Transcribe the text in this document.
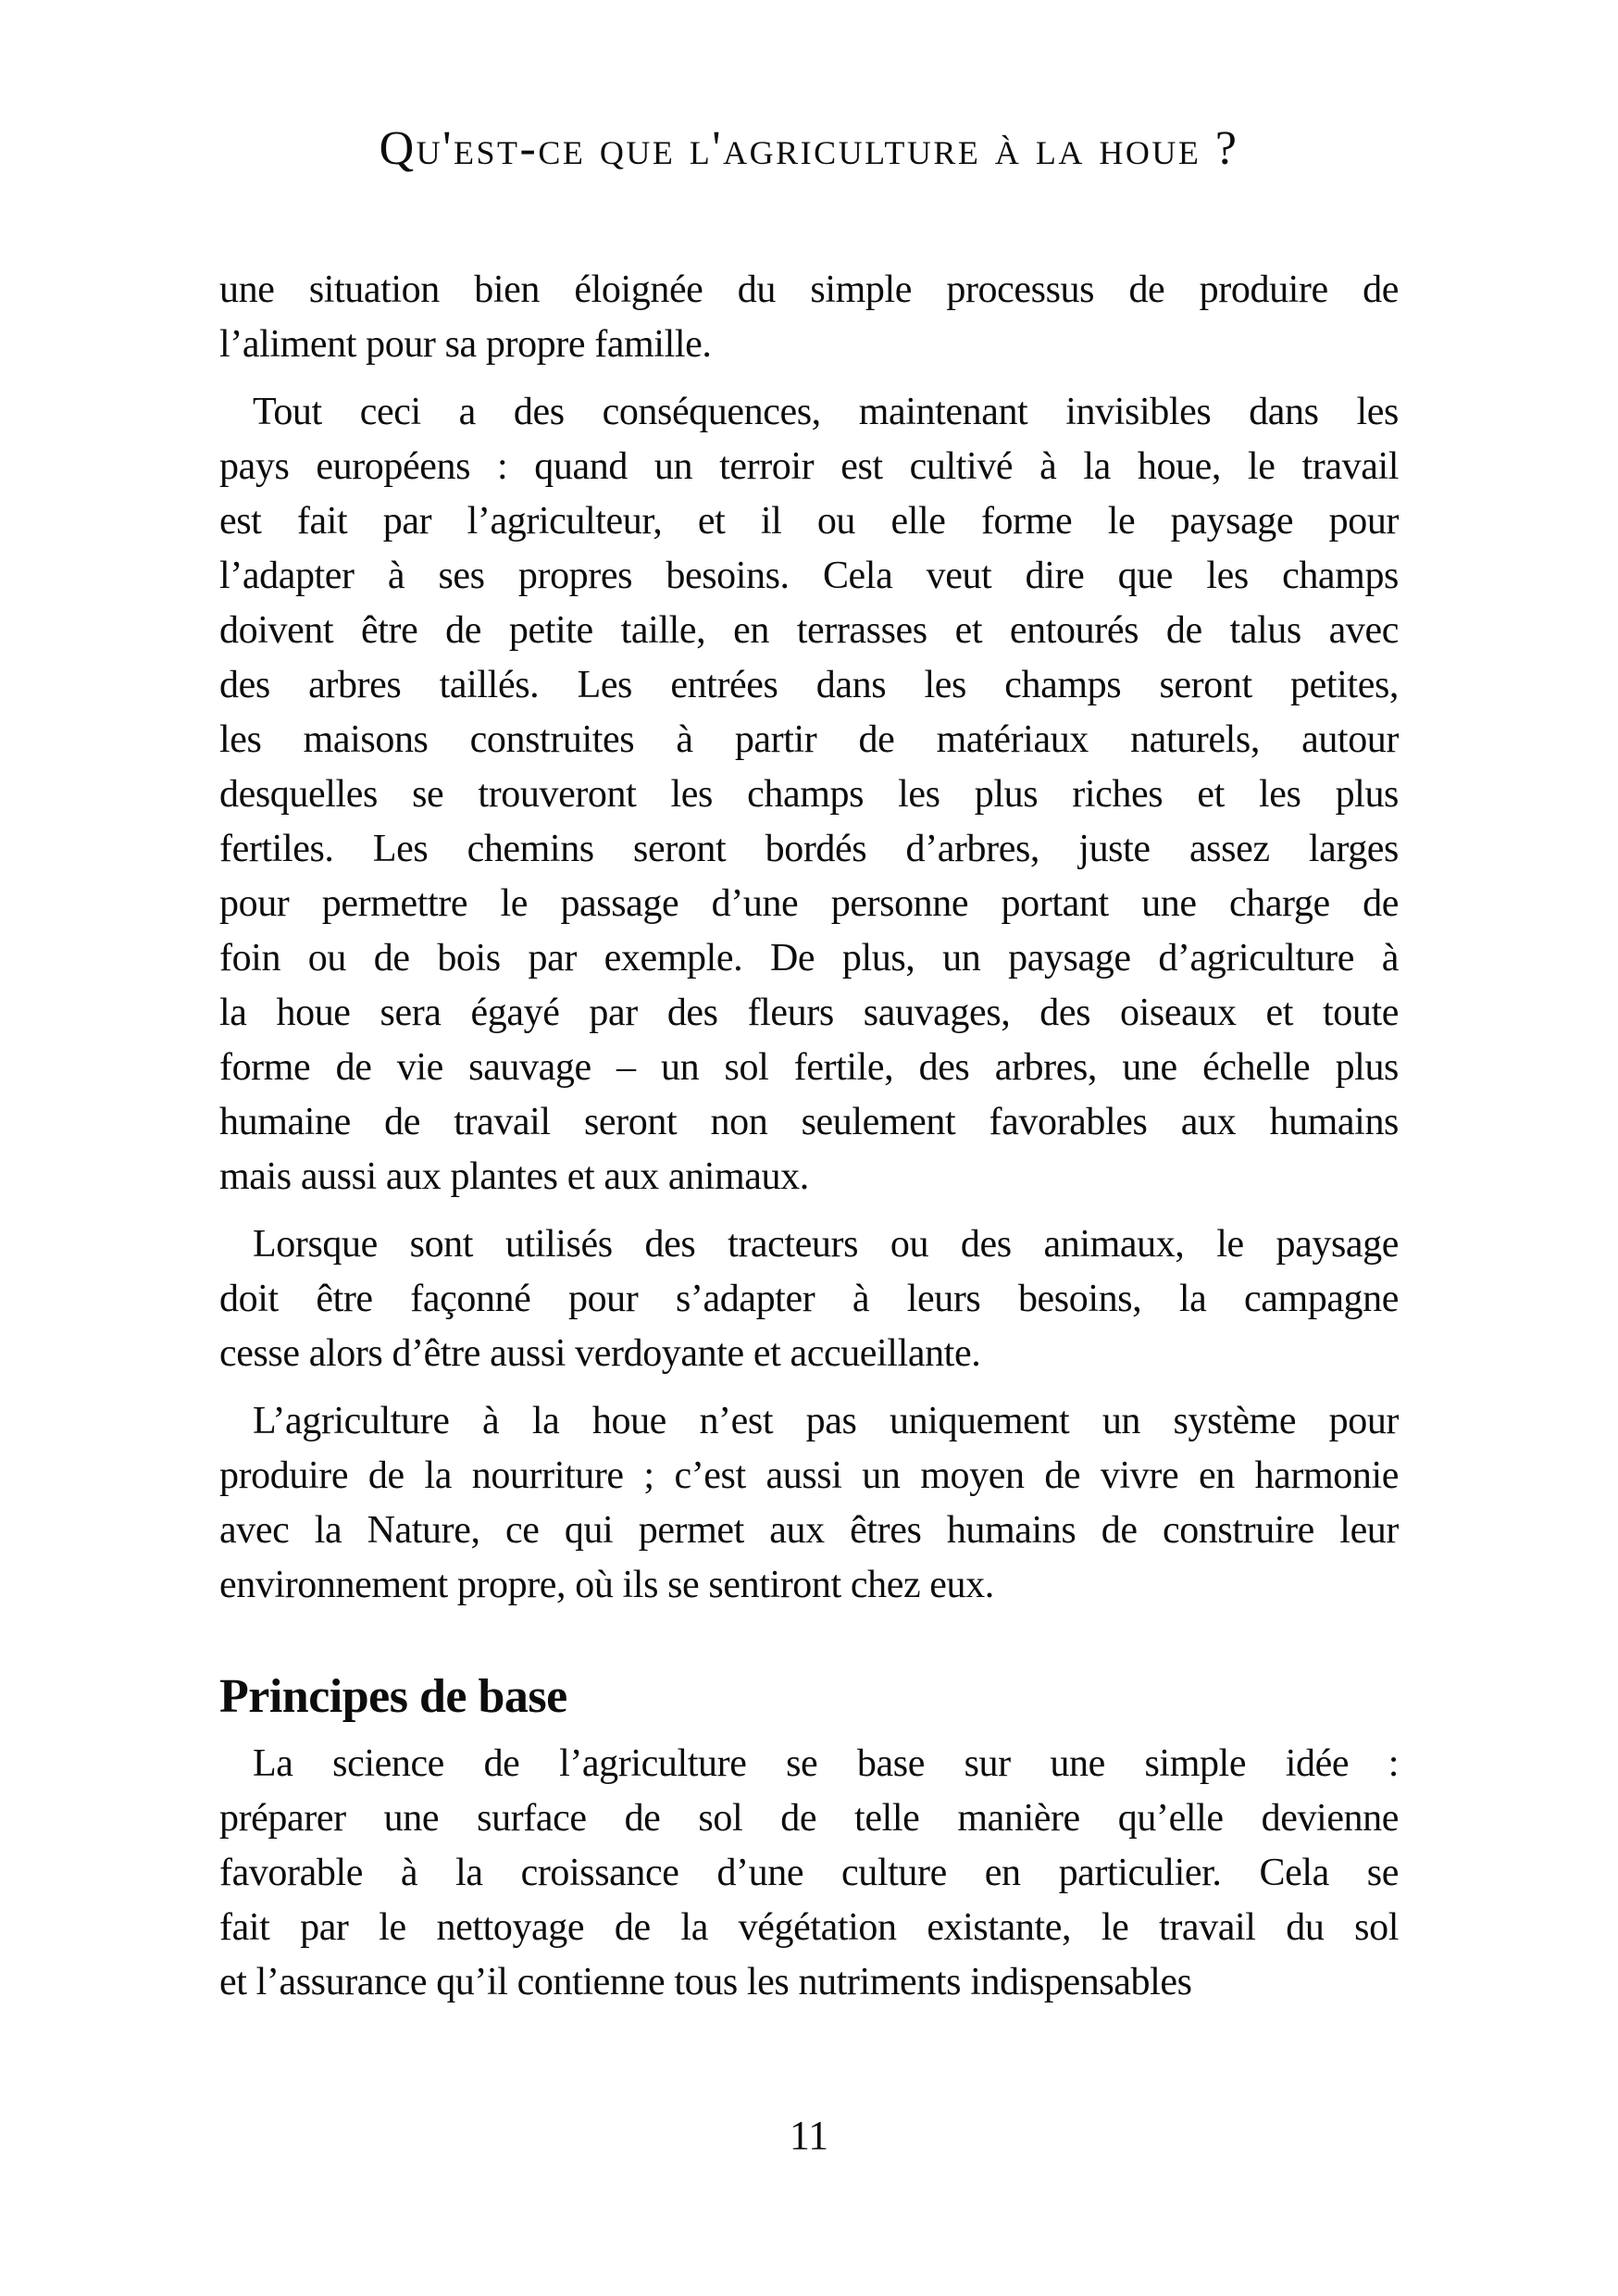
Qu'est-ce que l'agriculture à la houe ?
une situation bien éloignée du simple processus de produire de
l’aliment pour sa propre famille.
Tout ceci a des conséquences, maintenant invisibles dans les
pays européens : quand un terroir est cultivé à la houe, le travail
est fait par l’agriculteur, et il ou elle forme le paysage pour
l’adapter à ses propres besoins. Cela veut dire que les champs
doivent être de petite taille, en terrasses et entourés de talus avec
des arbres taillés. Les entrées dans les champs seront petites,
les maisons construites à partir de matériaux naturels, autour
desquelles se trouveront les champs les plus riches et les plus
fertiles. Les chemins seront bordés d’arbres, juste assez larges
pour permettre le passage d’une personne portant une charge de
foin ou de bois par exemple. De plus, un paysage d’agriculture à
la houe sera égayé par des fleurs sauvages, des oiseaux et toute
forme de vie sauvage – un sol fertile, des arbres, une échelle plus
humaine de travail seront non seulement favorables aux humains
mais aussi aux plantes et aux animaux.
Lorsque sont utilisés des tracteurs ou des animaux, le paysage
doit être façonné pour s’adapter à leurs besoins, la campagne
cesse alors d’être aussi verdoyante et accueillante.
L’agriculture à la houe n’est pas uniquement un système pour
produire de la nourriture ; c’est aussi un moyen de vivre en harmonie
avec la Nature, ce qui permet aux êtres humains de construire leur
environnement propre, où ils se sentiront chez eux.
Principes de base
La science de l’agriculture se base sur une simple idée :
préparer une surface de sol de telle manière qu’elle devienne
favorable à la croissance d’une culture en particulier. Cela se
fait par le nettoyage de la végétation existante, le travail du sol
et l’assurance qu’il contienne tous les nutriments indispensables
11
